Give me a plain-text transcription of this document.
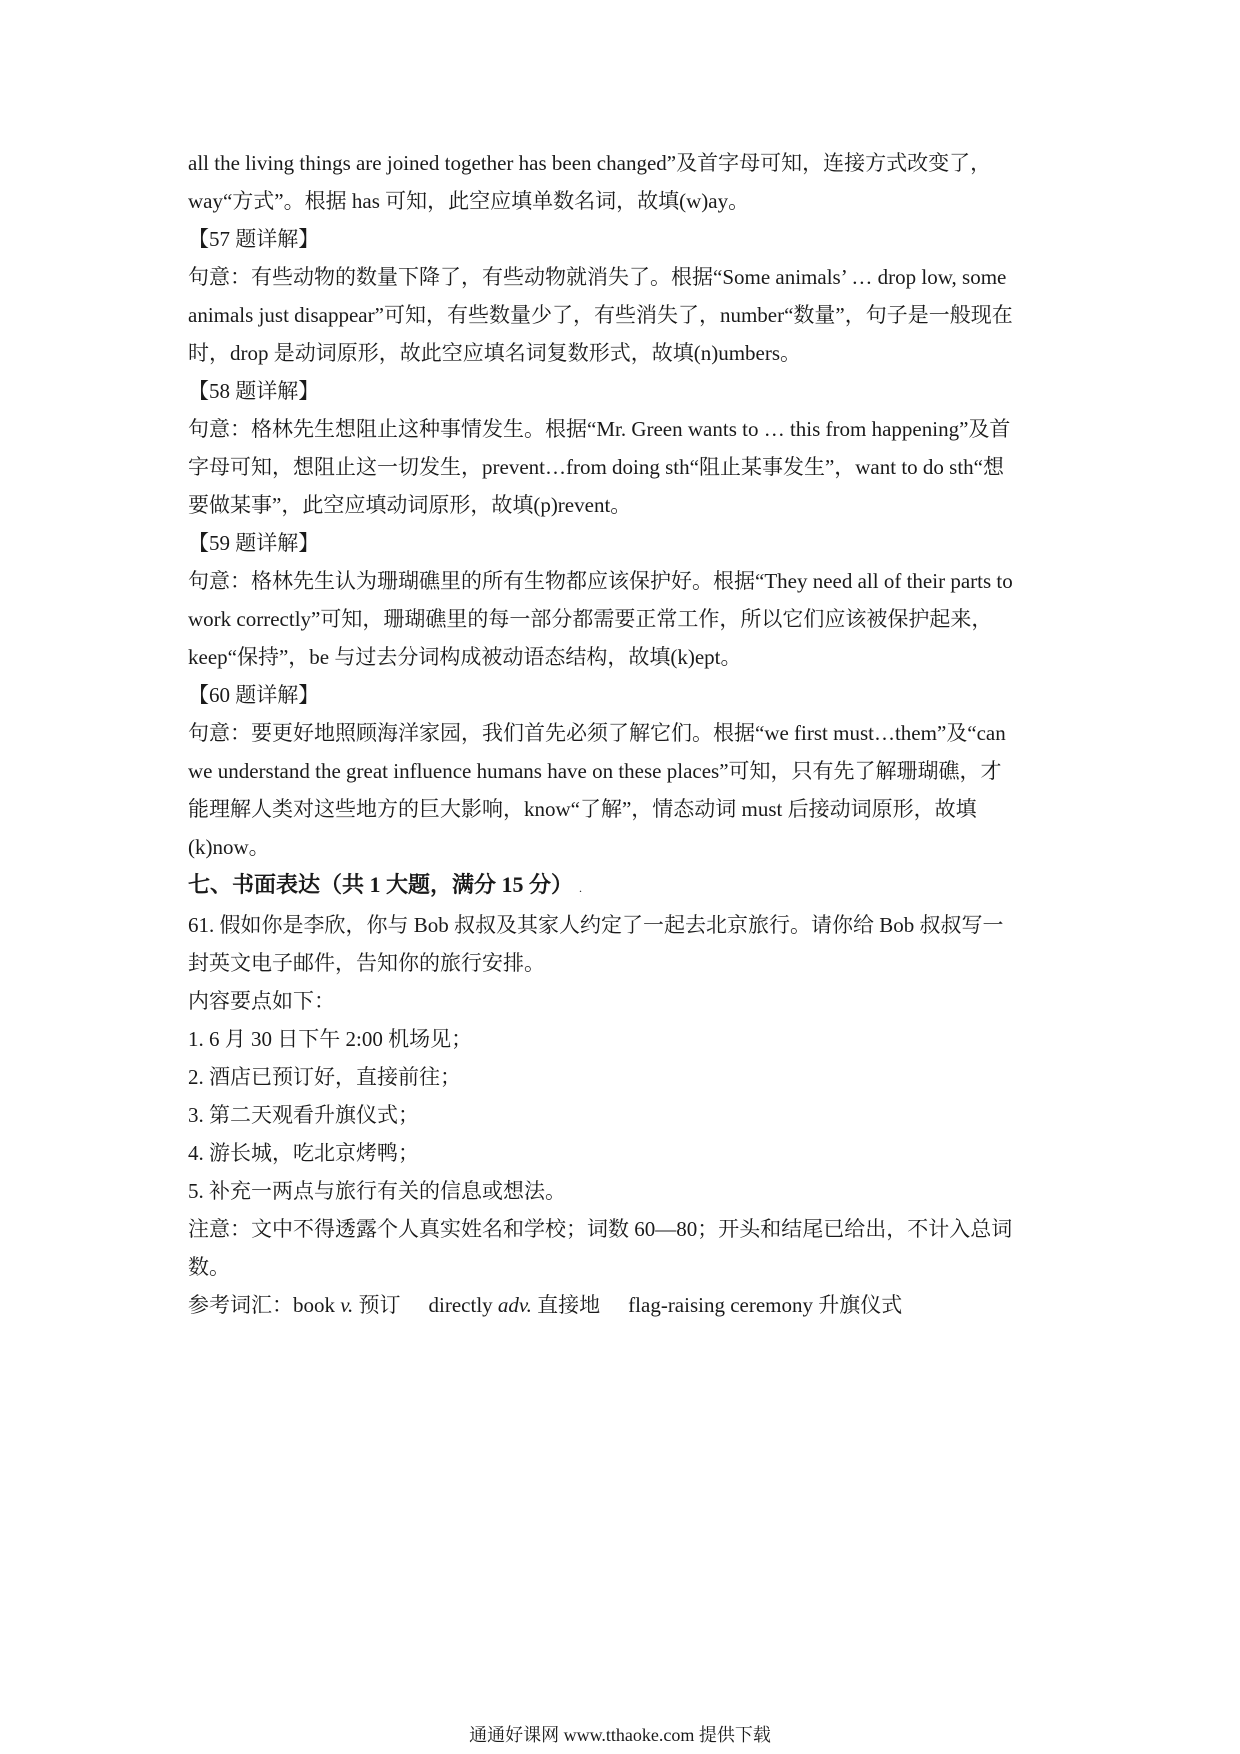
all the living things are joined together has been changed”及首字母可知，连接方式改变了，
way“方式”。根据 has 可知，此空应填单数名词，故填(w)ay。
【57 题详解】
句意：有些动物的数量下降了，有些动物就消失了。根据“Some animals’ … drop low, some
animals just disappear”可知，有些数量少了，有些消失了，number“数量”，句子是一般现在
时，drop 是动词原形，故此空应填名词复数形式，故填(n)umbers。
【58 题详解】
句意：格林先生想阻止这种事情发生。根据“Mr. Green wants to … this from happening”及首
字母可知，想阻止这一切发生，prevent…from doing sth“阻止某事发生”，want to do sth“想
要做某事”，此空应填动词原形，故填(p)revent。
【59 题详解】
句意：格林先生认为珊瑚礁里的所有生物都应该保护好。根据“They need all of their parts to
work correctly”可知，珊瑚礁里的每一部分都需要正常工作，所以它们应该被保护起来，
keep“保持”，be 与过去分词构成被动语态结构，故填(k)ept。
【60 题详解】
句意：要更好地照顾海洋家园，我们首先必须了解它们。根据“we first must…them”及“can
we understand the great influence humans have on these places”可知，只有先了解珊瑚礁，才
能理解人类对这些地方的巨大影响，know“了解”，情态动词 must 后接动词原形，故填
(k)now。
七、书面表达（共 1 大题，满分 15 分） .
61. 假如你是李欣，你与 Bob 叔叔及其家人约定了一起去北京旅行。请你给 Bob 叔叔写一
封英文电子邮件，告知你的旅行安排。
内容要点如下：
1. 6 月 30 日下午 2:00 机场见；
2. 酒店已预订好，直接前往；
3. 第二天观看升旗仪式；
4. 游长城，吃北京烤鸭；
5. 补充一两点与旅行有关的信息或想法。
注意：文中不得透露个人真实姓名和学校；词数 60—80；开头和结尾已给出，不计入总词
数。
参考词汇：book v. 预订 directly adv. 直接地 flag-raising ceremony 升旗仪式
通通好课网 www.tthaoke.com 提供下载
